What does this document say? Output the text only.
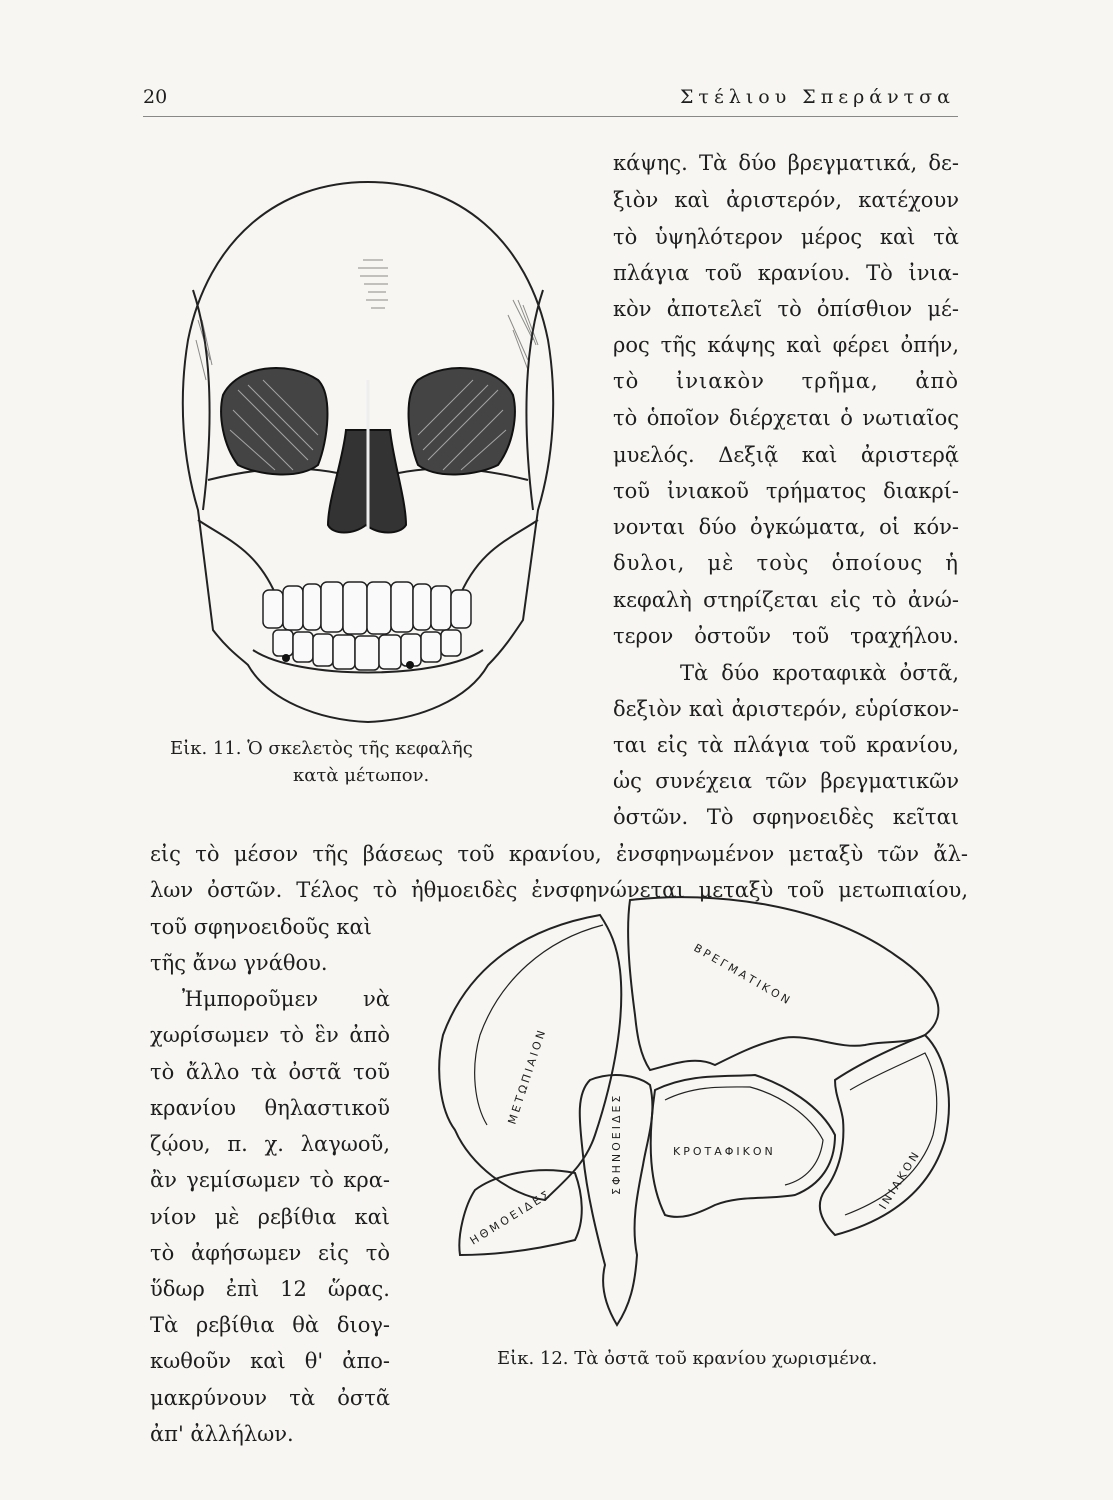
20	Στέλιου Σπεράντσα
Εἰκ. 11. Ὁ σκελετὸς τῆς κεφαλῆς
κατὰ μέτωπον.
κάψης. Τὰ δύο βρεγματικά, δε-
ξιὸν καὶ ἀριστερόν, κατέχουν
τὸ ὑψηλότερον μέρος καὶ τὰ
πλάγια τοῦ κρανίου. Τὸ ἰνια-
κὸν ἀποτελεῖ τὸ ὀπίσθιον μέ-
ρος τῆς κάψης καὶ φέρει ὀπήν,
τὸ ἰνιακὸν τρῆμα, ἀπὸ
τὸ ὁποῖον διέρχεται ὁ νωτιαῖος
μυελός. Δεξιᾷ καὶ ἀριστερᾷ
τοῦ ἰνιακοῦ τρήματος διακρί-
νονται δύο ὀγκώματα, οἱ κόν-
δυλοι, μὲ τοὺς ὁποίους ἡ
κεφαλὴ στηρίζεται εἰς τὸ ἀνώ-
τερον ὀστοῦν τοῦ τραχήλου.
Τὰ δύο κροταφικὰ ὀστᾶ,
δεξιὸν καὶ ἀριστερόν, εὑρίσκον-
ται εἰς τὰ πλάγια τοῦ κρανίου,
ὡς συνέχεια τῶν βρεγματικῶν
ὀστῶν. Τὸ σφηνοειδὲς κεῖται
εἰς τὸ μέσον τῆς βάσεως τοῦ κρανίου, ἐνσφηνωμένον μεταξὺ τῶν ἄλ-
λων ὀστῶν. Τέλος τὸ ἠθμοειδὲς ἐνσφηνώνεται μεταξὺ τοῦ μετωπιαίου,
τοῦ σφηνοειδοῦς καὶ
τῆς ἄνω γνάθου.
Ἠμποροῦμεν νὰ
χωρίσωμεν τὸ ἓν ἀπὸ
τὸ ἄλλο τὰ ὀστᾶ τοῦ
κρανίου θηλαστικοῦ
ζῴου, π. χ. λαγωοῦ,
ἂν γεμίσωμεν τὸ κρα-
νίον μὲ ρεβίθια καὶ
τὸ ἀφήσωμεν εἰς τὸ
ὕδωρ ἐπὶ 12 ὥρας.
Τὰ ρεβίθια θὰ διογ-
κωθοῦν καὶ θ' ἀπο-
μακρύνουν τὰ ὀστᾶ
ἀπ' ἀλλήλων.
ΜΕΤΩΠΙΑΙΟΝ
ΒΡΕΓΜΑΤΙΚΟΝ
ΣΦΗΝΟΕΙΔΕΣ
ΗΘΜΟΕΙΔΕΣ
ΚΡΟΤΑΦΙΚΟΝ	ΙΝΙΑΚΟΝ
Εἰκ. 12. Τὰ ὀστᾶ τοῦ κρανίου χωρισμένα.
